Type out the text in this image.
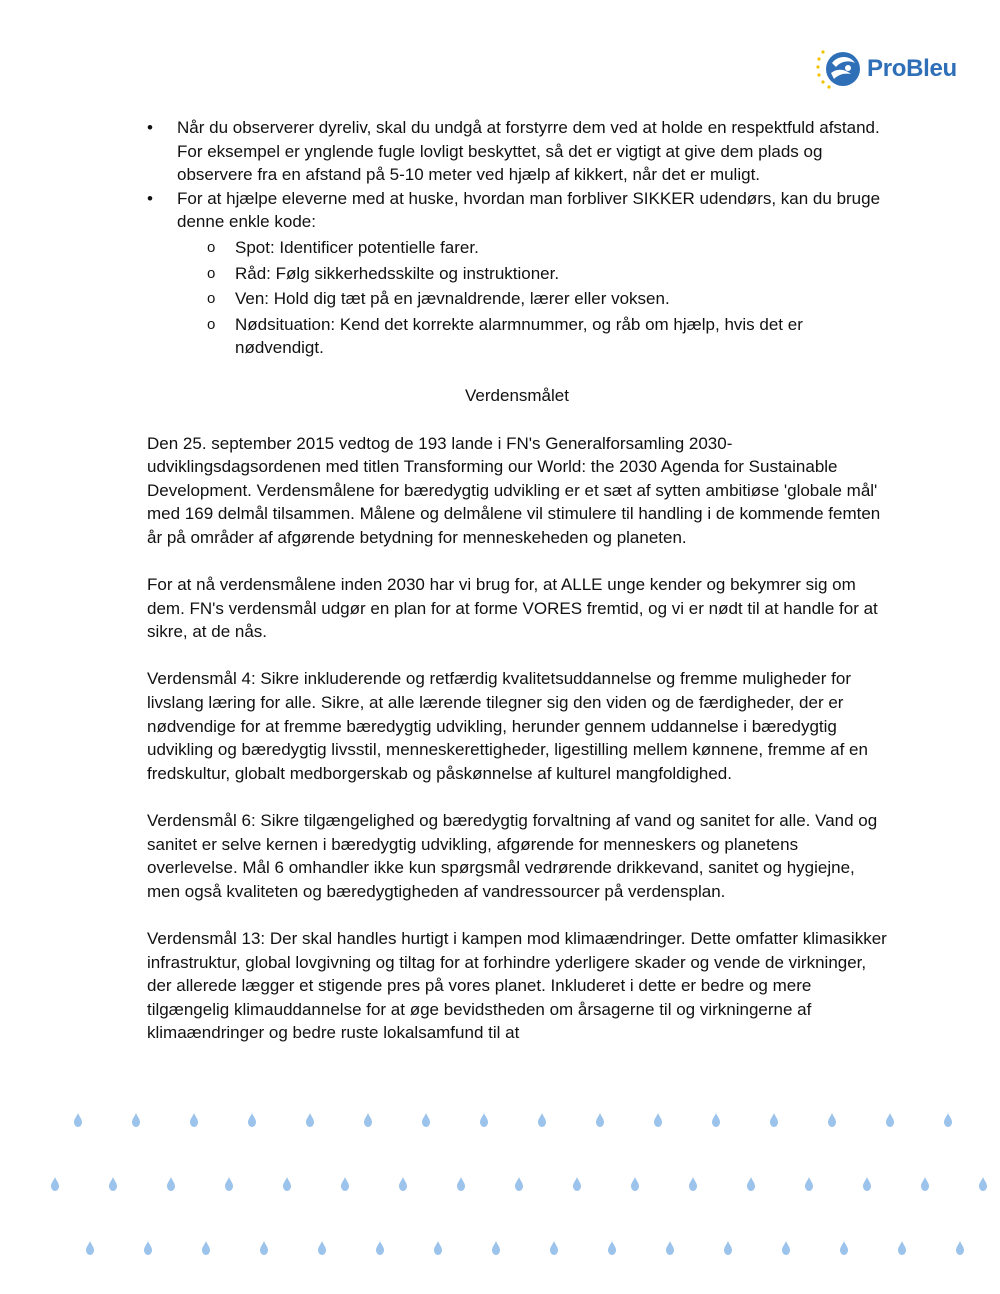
ProBleu
• Når du observerer dyreliv, skal du undgå at forstyrre dem ved at holde en respektfuld afstand. For eksempel er ynglende fugle lovligt beskyttet, så det er vigtigt at give dem plads og observere fra en afstand på 5-10 meter ved hjælp af kikkert, når det er muligt.
• For at hjælpe eleverne med at huske, hvordan man forbliver SIKKER udendørs, kan du bruge denne enkle kode:
o Spot: Identificer potentielle farer.
o Råd: Følg sikkerhedsskilte og instruktioner.
o Ven: Hold dig tæt på en jævnaldrende, lærer eller voksen.
o Nødsituation: Kend det korrekte alarmnummer, og råb om hjælp, hvis det er nødvendigt.
Verdensmålet

Den 25. september 2015 vedtog de 193 lande i FN's Generalforsamling 2030-udviklingsdagsordenen med titlen Transforming our World: the 2030 Agenda for Sustainable Development. Verdensmålene for bæredygtig udvikling er et sæt af sytten ambitiøse 'globale mål' med 169 delmål tilsammen. Målene og delmålene vil stimulere til handling i de kommende femten år på områder af afgørende betydning for menneskeheden og planeten.

For at nå verdensmålene inden 2030 har vi brug for, at ALLE unge kender og bekymrer sig om dem. FN's verdensmål udgør en plan for at forme VORES fremtid, og vi er nødt til at handle for at sikre, at de nås.

Verdensmål 4: Sikre inkluderende og retfærdig kvalitetsuddannelse og fremme muligheder for livslang læring for alle. Sikre, at alle lærende tilegner sig den viden og de færdigheder, der er nødvendige for at fremme bæredygtig udvikling, herunder gennem uddannelse i bæredygtig udvikling og bæredygtig livsstil, menneskerettigheder, ligestilling mellem kønnene, fremme af en fredskultur, globalt medborgerskab og påskønnelse af kulturel mangfoldighed.

Verdensmål 6: Sikre tilgængelighed og bæredygtig forvaltning af vand og sanitet for alle. Vand og sanitet er selve kernen i bæredygtig udvikling, afgørende for menneskers og planetens overlevelse. Mål 6 omhandler ikke kun spørgsmål vedrørende drikkevand, sanitet og hygiejne, men også kvaliteten og bæredygtigheden af vandressourcer på verdensplan.

Verdensmål 13: Der skal handles hurtigt i kampen mod klimaændringer. Dette omfatter klimasikker infrastruktur, global lovgivning og tiltag for at forhindre yderligere skader og vende de virkninger, der allerede lægger et stigende pres på vores planet. Inkluderet i dette er bedre og mere tilgængelig klimauddannelse for at øge bevidstheden om årsagerne til og virkningerne af klimaændringer og bedre ruste lokalsamfund til at
